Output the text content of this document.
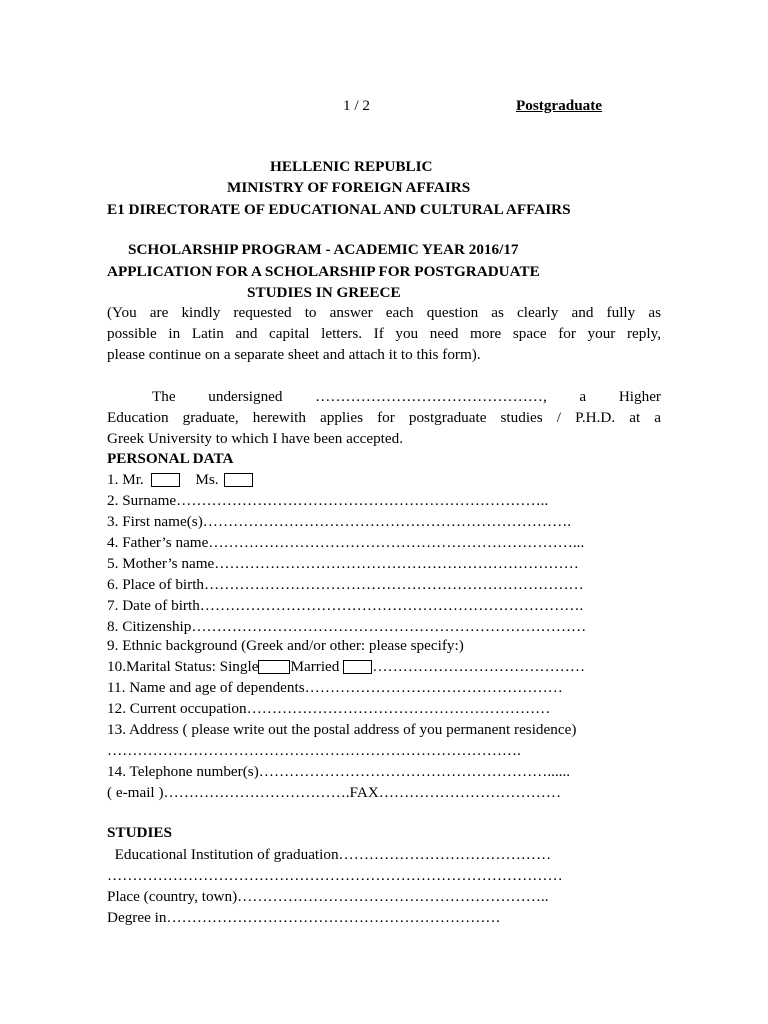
1 / 2	Postgraduate
HELLENIC REPUBLIC
MINISTRY OF FOREIGN AFFAIRS
E1 DIRECTORATE OF EDUCATIONAL AND CULTURAL AFFAIRS
SCHOLARSHIP PROGRAM - ACADEMIC YEAR 2016/17
APPLICATION FOR A SCHOLARSHIP FOR POSTGRADUATE
STUDIES IN GREECE
(You are kindly requested to answer each question as clearly and fully as
possible in Latin and capital letters. If you need more space for your reply,
please continue on a separate sheet and attach it to this form).
The undersigned ………………………………………, a Higher
Education graduate, herewith applies for postgraduate studies / P.H.D. at a
Greek University to which I have been accepted.
PERSONAL DATA
1. Mr.	Ms.
2. Surname………………………………………………………………..
3. First name(s)……………………………………………………………….
4. Father’s name………………………………………………………………...
5. Mother’s name………………………………………………………………
6. Place of birth…………………………………………………………………
7. Date of birth………………………………………………………………….
8. Citizenship……………………………………………………………………
9. Ethnic background (Greek and/or other: please specify:)
10.Marital Status: Single Married ……………………………………
11. Name and age of dependents……………………………………………
12. Current occupation……………………………………………………
13. Address ( please write out the postal address of you permanent residence)
……………………………………………………………………….
14. Telephone number(s)…………………………………………………......
( e-mail )……………………………….FAX………………………………
STUDIES
Educational Institution of graduation……………………………………
………………………………………………………………………………
Place (country, town)……………………………………………………..
Degree in…………………………………………………………
